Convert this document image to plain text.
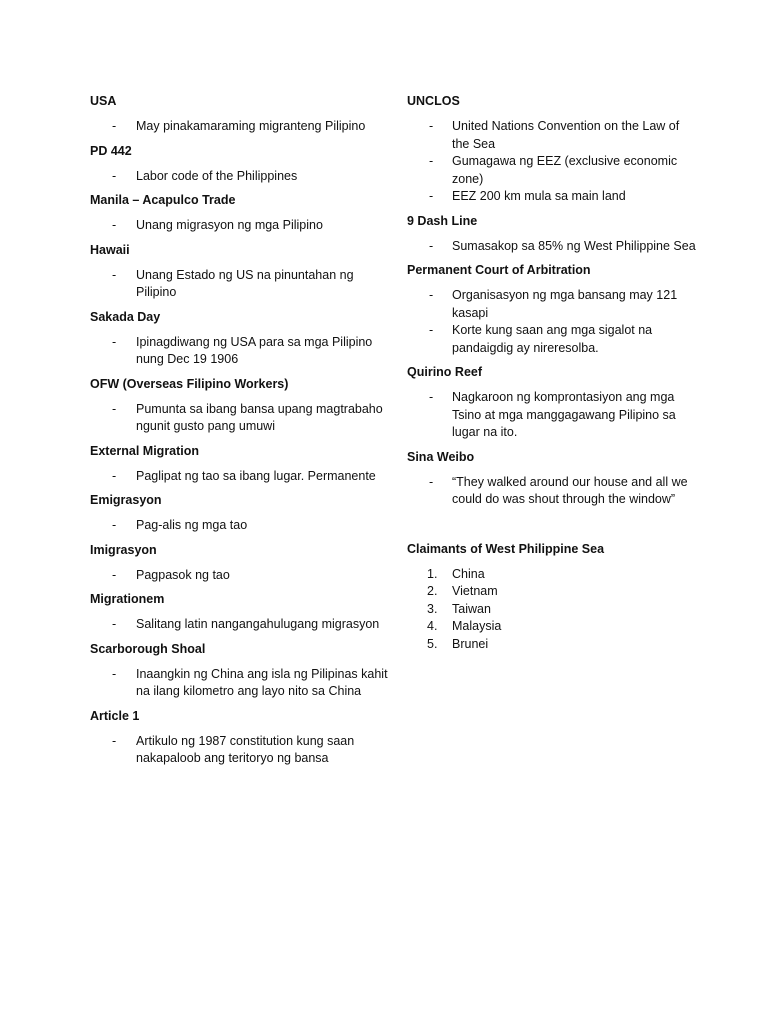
USA
- May pinakamaraming migranteng Pilipino
PD 442
- Labor code of the Philippines
Manila – Acapulco Trade
- Unang migrasyon ng mga Pilipino
Hawaii
- Unang Estado ng US na pinuntahan ng Pilipino
Sakada Day
- Ipinagdiwang ng USA para sa mga Pilipino nung Dec 19 1906
OFW (Overseas Filipino Workers)
- Pumunta sa ibang bansa upang magtrabaho ngunit gusto pang umuwi
External Migration
- Paglipat ng tao sa ibang lugar. Permanente
Emigrasyon
- Pag-alis ng mga tao
Imigrasyon
- Pagpasok ng tao
Migrationem
- Salitang latin nangangahulugang migrasyon
Scarborough Shoal
- Inaangkin ng China ang isla ng Pilipinas kahit na ilang kilometro ang layo nito sa China
Article 1
- Artikulo ng 1987 constitution kung saan nakapaloob ang teritoryo ng bansa
UNCLOS
- United Nations Convention on the Law of the Sea
- Gumagawa ng EEZ (exclusive economic zone)
- EEZ 200 km mula sa main land
9 Dash Line
- Sumasakop sa 85% ng West Philippine Sea
Permanent Court of Arbitration
- Organisasyon ng mga bansang may 121 kasapi
- Korte kung saan ang mga sigalot na pandaigdig ay nireresolba.
Quirino Reef
- Nagkaroon ng komprontasiyon ang mga Tsino at mga manggagawang Pilipino sa lugar na ito.
Sina Weibo
- “They walked around our house and all we could do was shout through the window”
Claimants of West Philippine Sea
1. China
2. Vietnam
3. Taiwan
4. Malaysia
5. Brunei
